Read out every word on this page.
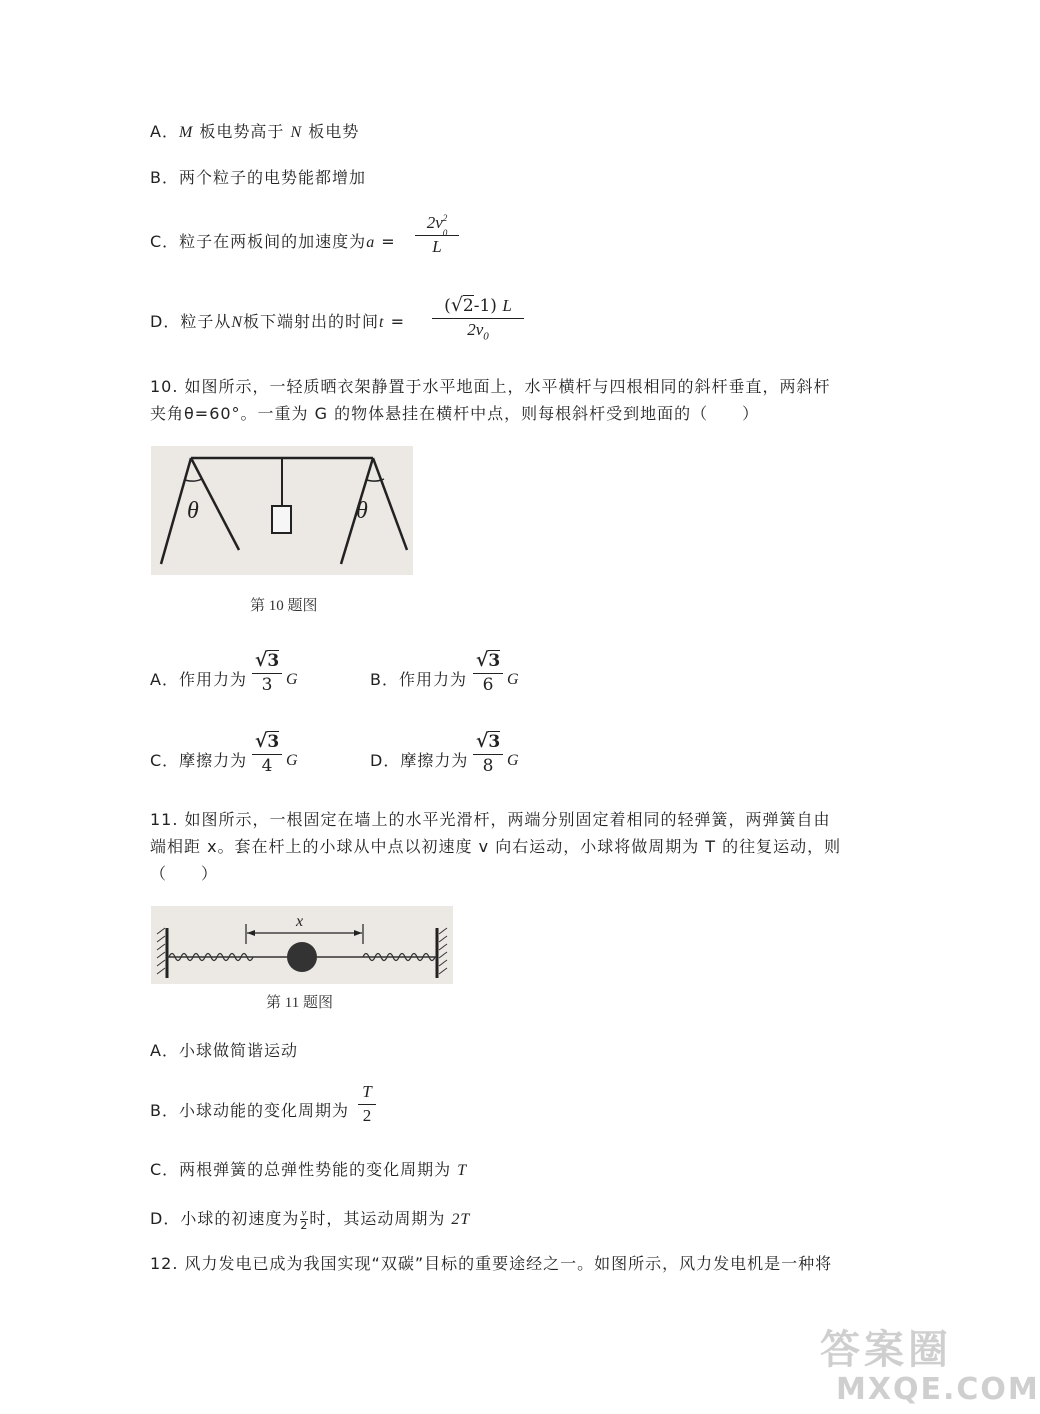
A．M 板电势高于 N 板电势
B．两个粒子的电势能都增加
C．粒子在两板间的加速度为a =
2v 2
$_0$
L
D．粒子从N板下端射出的时间t =
(√2-1) L
$2v_0$
10. 如图所示，一轻质晒衣架静置于水平地面上，水平横杆与四根相同的斜杆垂直，两斜杆
夹角θ=60°。一重为 G 的物体悬挂在横杆中点，则每根斜杆受到地面的（　　）
θ	θ
第 10 题图
A．作用力为
√3
3 G	B．作用力为
√3
6 G
C．摩擦力为
√3
4 G	D．摩擦力为
√3
8 G
11. 如图所示，一根固定在墙上的水平光滑杆，两端分别固定着相同的轻弹簧，两弹簧自由
端相距 x。套在杆上的小球从中点以初速度 v 向右运动，小球将做周期为 T 的往复运动，则
（　　）
x
第 11 题图
A．小球做简谐运动
B．小球动能的变化周期为
T
2
C．两根弹簧的总弹性势能的变化周期为 T
D．小球的初速度为 $\frac{v}{2}$ 时，其运动周期为 2T
12. 风力发电已成为我国实现“双碳”目标的重要途经之一。如图所示，风力发电机是一种将
答案圈
MXQE.COM
